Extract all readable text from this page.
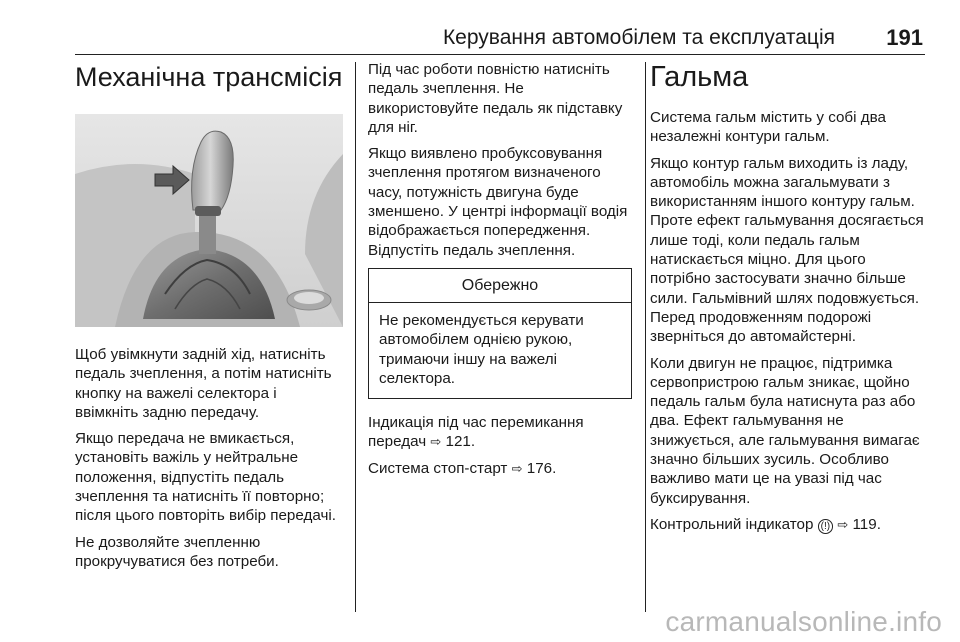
Керування автомобілем та експлуатація 191
Механічна трансмісія

Щоб увімкнути задній хід, натисніть педаль зчеплення, а потім натисніть кнопку на важелі селектора і ввімкніть задню передачу.

Якщо передача не вмикається, установіть важіль у нейтральне положення, відпустіть педаль зчеплення та натисніть її повторно; після цього повторіть вибір передачі.

Не дозволяйте зчепленню прокручуватися без потреби.

Під час роботи повністю натисніть педаль зчеплення. Не використовуйте педаль як підставку для ніг.

Якщо виявлено пробуксовування зчеплення протягом визначеного часу, потужність двигуна буде зменшено. У центрі інформації водія відображається попередження. Відпустіть педаль зчеплення.

Обережно

Не рекомендується керувати автомобілем однією рукою, тримаючи іншу на важелі селектора.

Індикація під час перемикання передач ⇨ 121.

Система стоп-старт ⇨ 176.

Гальма

Система гальм містить у собі два незалежні контури гальм.

Якщо контур гальм виходить із ладу, автомобіль можна загальмувати з використанням іншого контуру гальм. Проте ефект гальмування досягається лише тоді, коли педаль гальм натискається міцно. Для цього потрібно застосувати значно більше сили. Гальмівний шлях подовжується. Перед продовженням подорожі зверніться до автомайстерні.

Коли двигун не працює, підтримка сервопристрою гальм зникає, щойно педаль гальм була натиснута раз або два. Ефект гальмування не знижується, але гальмування вимагає значно більших зусиль. Особливо важливо мати це на увазі під час буксирування.

Контрольний індикатор (!) ⇨ 119.

carmanualsonline.info
